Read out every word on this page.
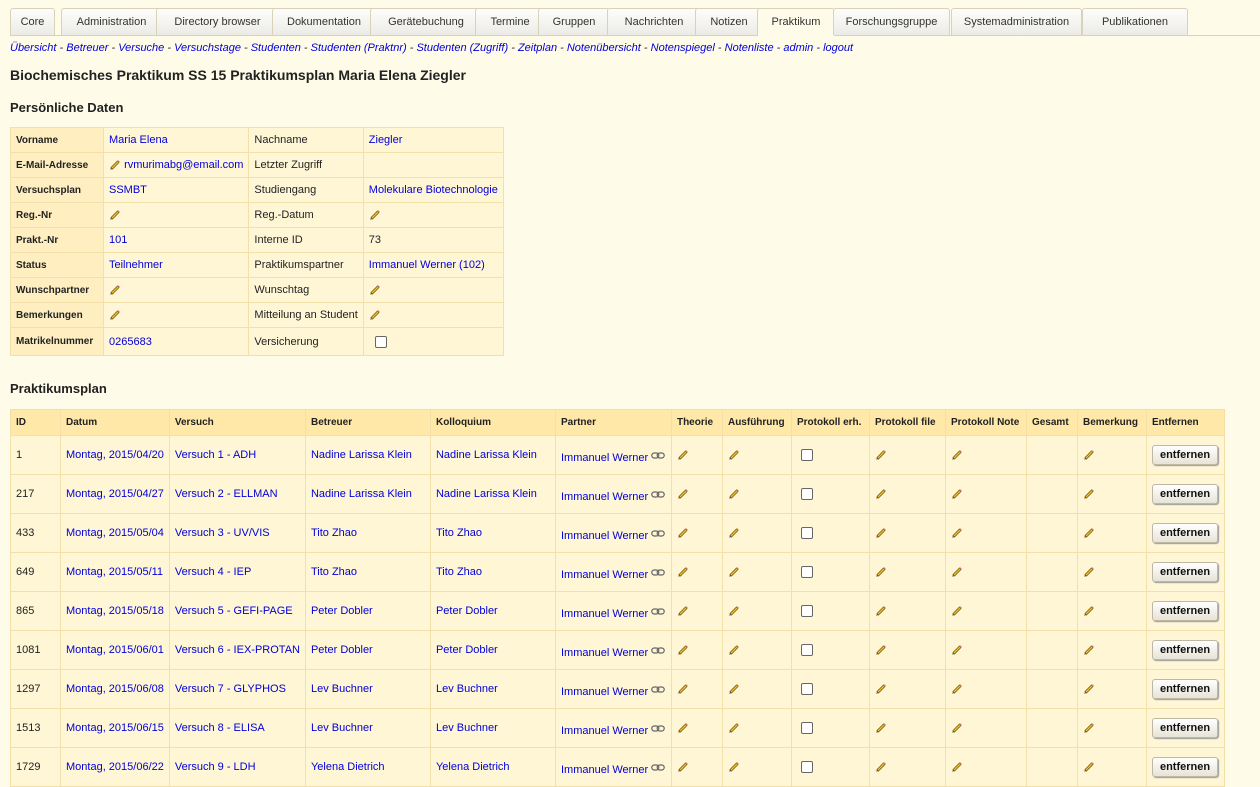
Core	Administration	Directory browser	Dokumentation	Gerätebuchung	Termine	Gruppen	Nachrichten	Notizen	Praktikum	Forschungsgruppe	Systemadministration	Publikationen
Übersicht - Betreuer - Versuche - Versuchstage - Studenten - Studenten (Praktnr) - Studenten (Zugriff) - Zeitplan - Notenübersicht - Notenspiegel - Notenliste - admin - logout
Biochemisches Praktikum SS 15 Praktikumsplan Maria Elena Ziegler
Persönliche Daten
Vorname	Maria Elena	Nachname	Ziegler
E-Mail-Adresse	rvmurimabg@email.com	Letzter Zugriff	
Versuchsplan	SSMBT	Studiengang	Molekulare Biotechnologie
Reg.-Nr		Reg.-Datum	
Prakt.-Nr	101	Interne ID	73
Status	Teilnehmer	Praktikumspartner	Immanuel Werner (102)
Wunschpartner		Wunschtag	
Bemerkungen		Mitteilung an Student	
Matrikelnummer	0265683	Versicherung	
Praktikumsplan
ID	Datum	Versuch	Betreuer	Kolloquium	Partner	Theorie	Ausführung	Protokoll erh.	Protokoll file	Protokoll Note	Gesamt	Bemerkung	Entfernen
1	Montag, 2015/04/20	Versuch 1 - ADH	Nadine Larissa Klein	Nadine Larissa Klein	Immanuel Werner								entfernen
217	Montag, 2015/04/27	Versuch 2 - ELLMAN	Nadine Larissa Klein	Nadine Larissa Klein	Immanuel Werner								entfernen
433	Montag, 2015/05/04	Versuch 3 - UV/VIS	Tito Zhao	Tito Zhao	Immanuel Werner								entfernen
649	Montag, 2015/05/11	Versuch 4 - IEP	Tito Zhao	Tito Zhao	Immanuel Werner								entfernen
865	Montag, 2015/05/18	Versuch 5 - GEFI-PAGE	Peter Dobler	Peter Dobler	Immanuel Werner								entfernen
1081	Montag, 2015/06/01	Versuch 6 - IEX-PROTAN	Peter Dobler	Peter Dobler	Immanuel Werner								entfernen
1297	Montag, 2015/06/08	Versuch 7 - GLYPHOS	Lev Buchner	Lev Buchner	Immanuel Werner								entfernen
1513	Montag, 2015/06/15	Versuch 8 - ELISA	Lev Buchner	Lev Buchner	Immanuel Werner								entfernen
1729	Montag, 2015/06/22	Versuch 9 - LDH	Yelena Dietrich	Yelena Dietrich	Immanuel Werner								entfernen
